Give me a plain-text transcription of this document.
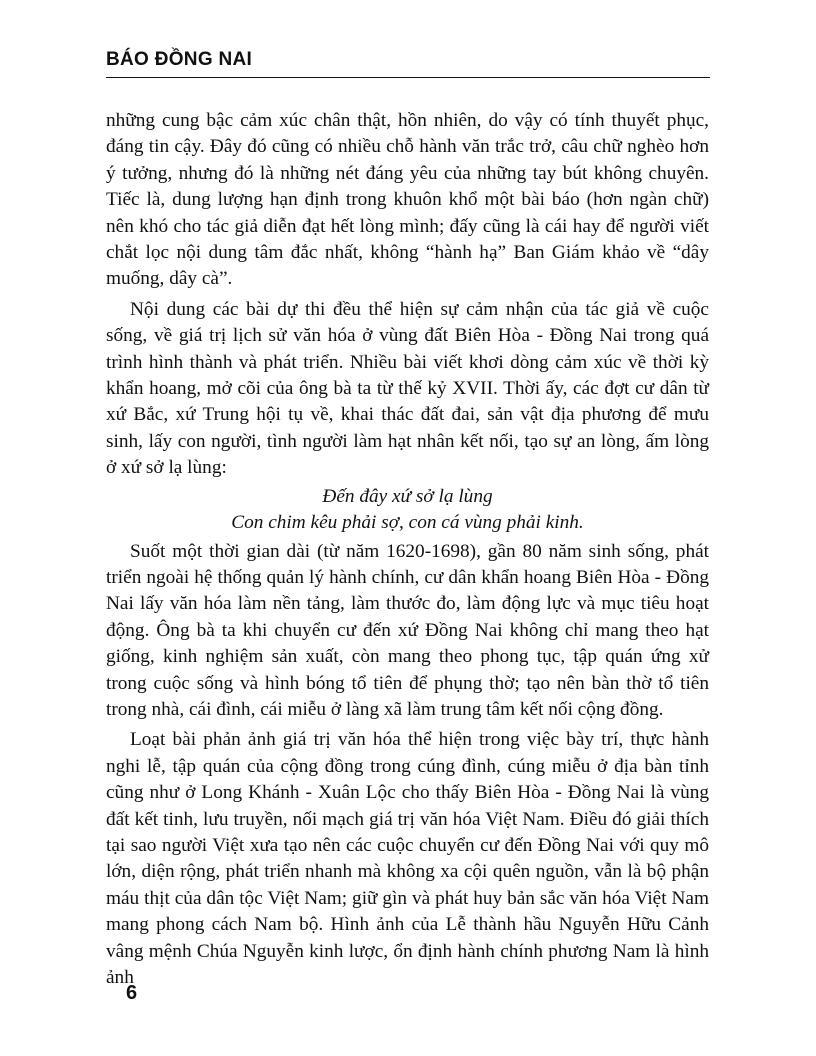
BÁO ĐỒNG NAI

những cung bậc cảm xúc chân thật, hồn nhiên, do vậy có tính thuyết phục, đáng tin cậy. Đây đó cũng có nhiều chỗ hành văn trắc trở, câu chữ nghèo hơn ý tưởng, nhưng đó là những nét đáng yêu của những tay bút không chuyên. Tiếc là, dung lượng hạn định trong khuôn khổ một bài báo (hơn ngàn chữ) nên khó cho tác giả diễn đạt hết lòng mình; đấy cũng là cái hay để người viết chắt lọc nội dung tâm đắc nhất, không “hành hạ” Ban Giám khảo về “dây muống, dây cà”.

Nội dung các bài dự thi đều thể hiện sự cảm nhận của tác giả về cuộc sống, về giá trị lịch sử văn hóa ở vùng đất Biên Hòa - Đồng Nai trong quá trình hình thành và phát triển. Nhiều bài viết khơi dòng cảm xúc về thời kỳ khẩn hoang, mở cõi của ông bà ta từ thế kỷ XVII. Thời ấy, các đợt cư dân từ xứ Bắc, xứ Trung hội tụ về, khai thác đất đai, sản vật địa phương để mưu sinh, lấy con người, tình người làm hạt nhân kết nối, tạo sự an lòng, ấm lòng ở xứ sở lạ lùng:

Đến đây xứ sở lạ lùng
Con chim kêu phải sợ, con cá vùng phải kinh.

Suốt một thời gian dài (từ năm 1620-1698), gần 80 năm sinh sống, phát triển ngoài hệ thống quản lý hành chính, cư dân khẩn hoang Biên Hòa - Đồng Nai lấy văn hóa làm nền tảng, làm thước đo, làm động lực và mục tiêu hoạt động. Ông bà ta khi chuyển cư đến xứ Đồng Nai không chỉ mang theo hạt giống, kinh nghiệm sản xuất, còn mang theo phong tục, tập quán ứng xử trong cuộc sống và hình bóng tổ tiên để phụng thờ; tạo nên bàn thờ tổ tiên trong nhà, cái đình, cái miễu ở làng xã làm trung tâm kết nối cộng đồng.

Loạt bài phản ảnh giá trị văn hóa thể hiện trong việc bày trí, thực hành nghi lễ, tập quán của cộng đồng trong cúng đình, cúng miễu ở địa bàn tỉnh cũng như ở Long Khánh - Xuân Lộc cho thấy Biên Hòa - Đồng Nai là vùng đất kết tinh, lưu truyền, nối mạch giá trị văn hóa Việt Nam. Điều đó giải thích tại sao người Việt xưa tạo nên các cuộc chuyển cư đến Đồng Nai với quy mô lớn, diện rộng, phát triển nhanh mà không xa cội quên nguồn, vẫn là bộ phận máu thịt của dân tộc Việt Nam; giữ gìn và phát huy bản sắc văn hóa Việt Nam mang phong cách Nam bộ. Hình ảnh của Lễ thành hầu Nguyễn Hữu Cảnh vâng mệnh Chúa Nguyễn kinh lược, ổn định hành chính phương Nam là hình ảnh

6
